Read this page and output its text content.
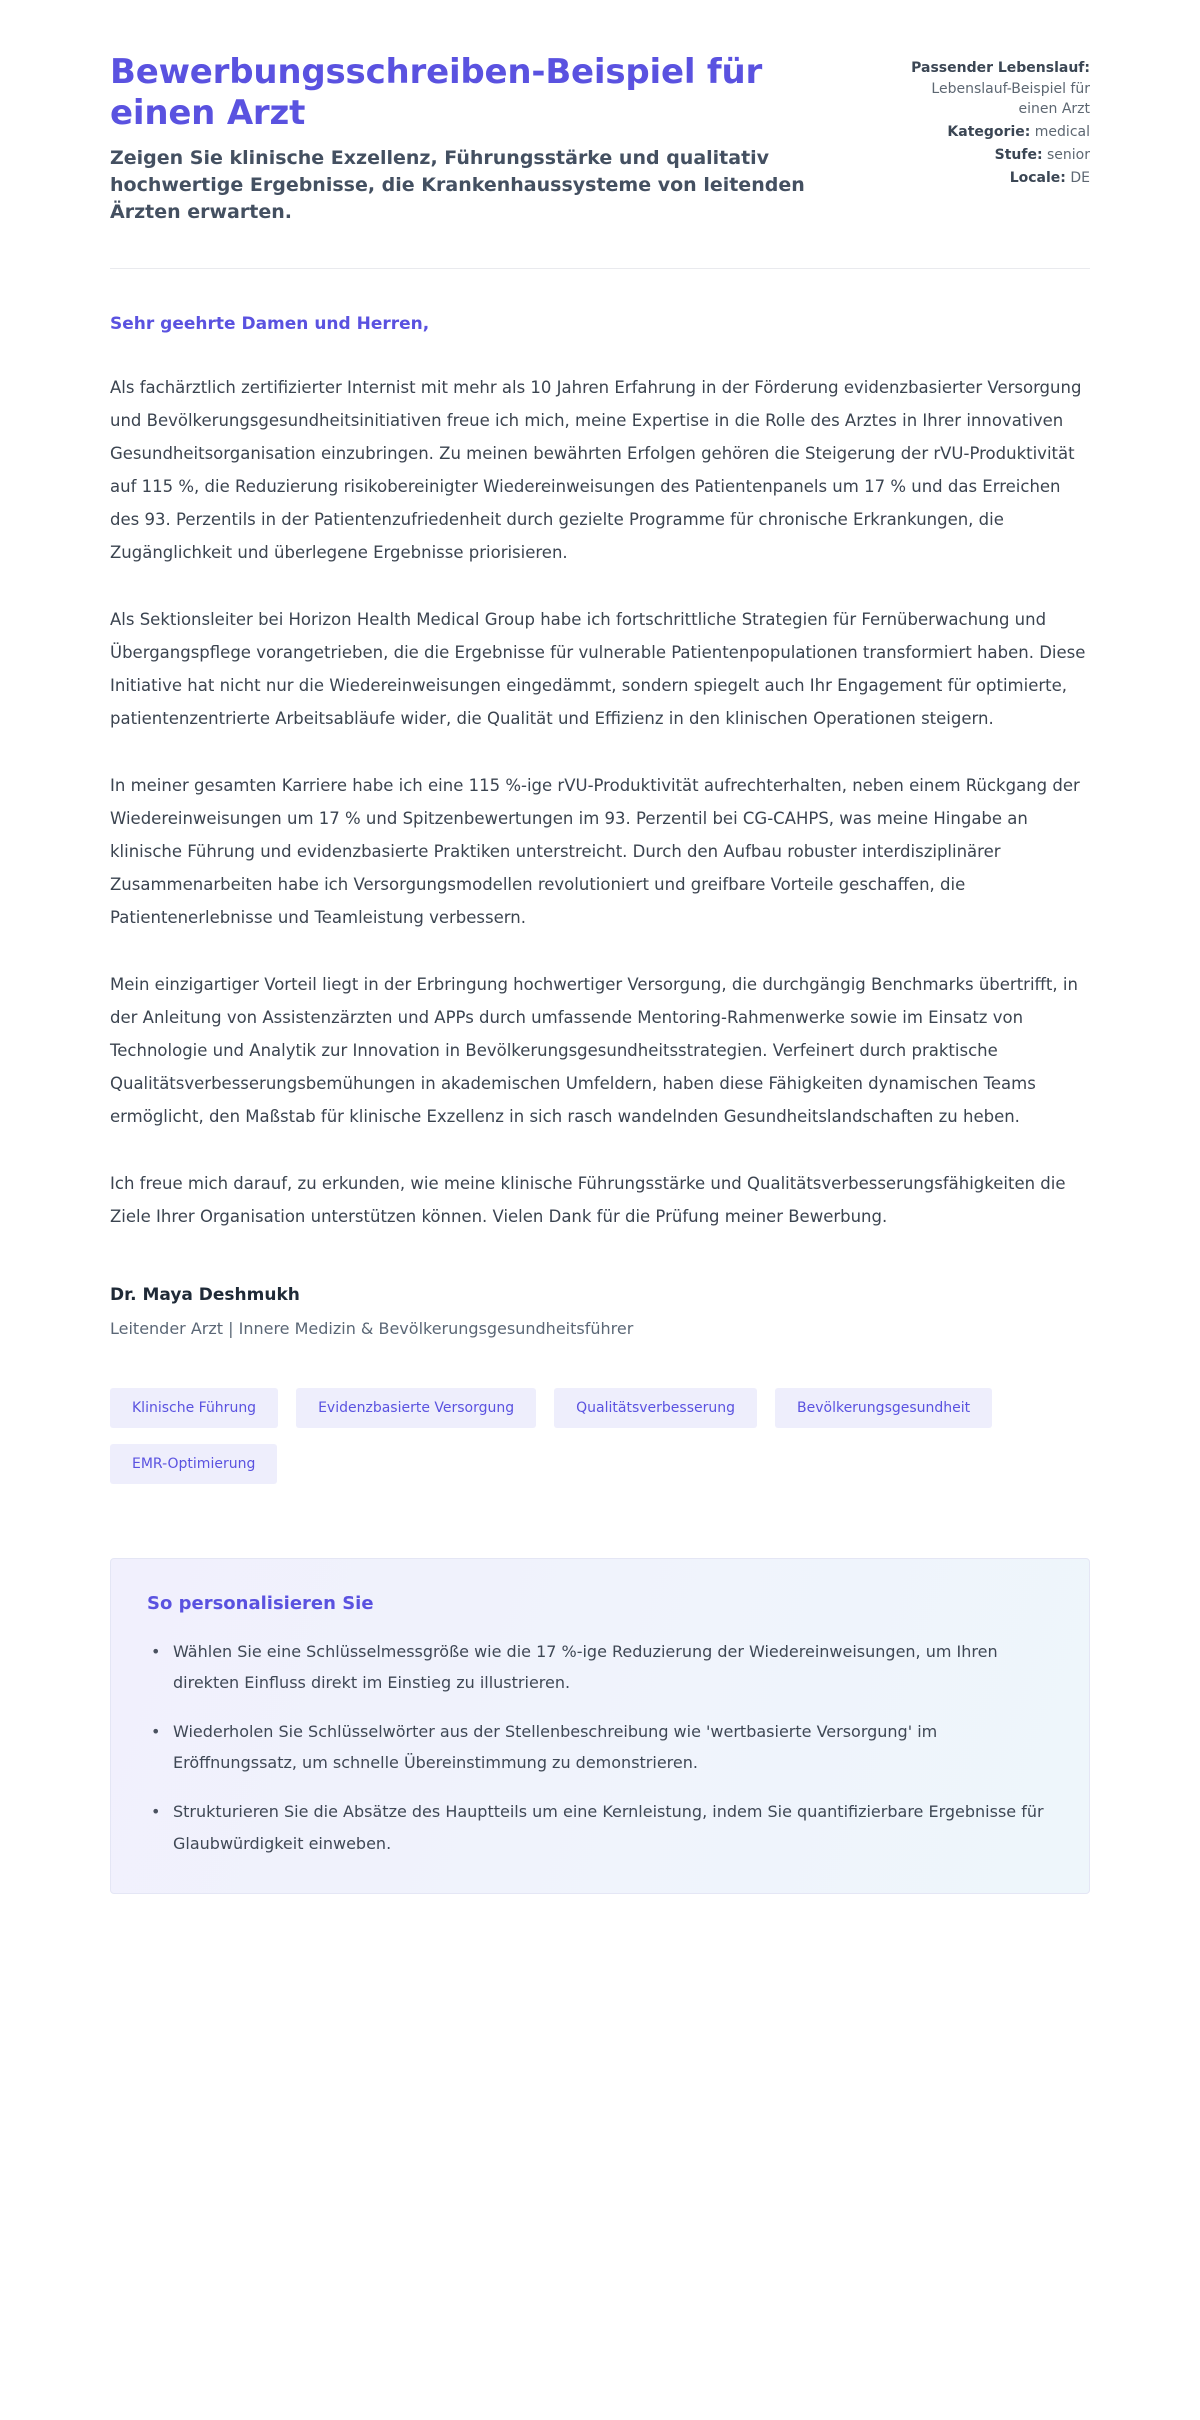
Bewerbungsschreiben-Beispiel für einen Arzt

Zeigen Sie klinische Exzellenz, Führungsstärke und qualitativ hochwertige Ergebnisse, die Krankenhaussysteme von leitenden Ärzten erwarten.

Passender Lebenslauf: Lebenslauf-Beispiel für einen Arzt
Kategorie: medical
Stufe: senior
Locale: DE

Sehr geehrte Damen und Herren,

Als fachärztlich zertifizierter Internist mit mehr als 10 Jahren Erfahrung in der Förderung evidenzbasierter Versorgung und Bevölkerungsgesundheitsinitiativen freue ich mich, meine Expertise in die Rolle des Arztes in Ihrer innovativen Gesundheitsorganisation einzubringen. Zu meinen bewährten Erfolgen gehören die Steigerung der rVU-Produktivität auf 115 %, die Reduzierung risikobereinigter Wiedereinweisungen des Patientenpanels um 17 % und das Erreichen des 93. Perzentils in der Patientenzufriedenheit durch gezielte Programme für chronische Erkrankungen, die Zugänglichkeit und überlegene Ergebnisse priorisieren.

Als Sektionsleiter bei Horizon Health Medical Group habe ich fortschrittliche Strategien für Fernüberwachung und Übergangspflege vorangetrieben, die die Ergebnisse für vulnerable Patientenpopulationen transformiert haben. Diese Initiative hat nicht nur die Wiedereinweisungen eingedämmt, sondern spiegelt auch Ihr Engagement für optimierte, patientenzentrierte Arbeitsabläufe wider, die Qualität und Effizienz in den klinischen Operationen steigern.

In meiner gesamten Karriere habe ich eine 115 %-ige rVU-Produktivität aufrechterhalten, neben einem Rückgang der Wiedereinweisungen um 17 % und Spitzenbewertungen im 93. Perzentil bei CG-CAHPS, was meine Hingabe an klinische Führung und evidenzbasierte Praktiken unterstreicht. Durch den Aufbau robuster interdisziplinärer Zusammenarbeiten habe ich Versorgungsmodellen revolutioniert und greifbare Vorteile geschaffen, die Patientenerlebnisse und Teamleistung verbessern.

Mein einzigartiger Vorteil liegt in der Erbringung hochwertiger Versorgung, die durchgängig Benchmarks übertrifft, in der Anleitung von Assistenzärzten und APPs durch umfassende Mentoring-Rahmenwerke sowie im Einsatz von Technologie und Analytik zur Innovation in Bevölkerungsgesundheitsstrategien. Verfeinert durch praktische Qualitätsverbesserungsbemühungen in akademischen Umfeldern, haben diese Fähigkeiten dynamischen Teams ermöglicht, den Maßstab für klinische Exzellenz in sich rasch wandelnden Gesundheitslandschaften zu heben.

Ich freue mich darauf, zu erkunden, wie meine klinische Führungsstärke und Qualitätsverbesserungsfähigkeiten die Ziele Ihrer Organisation unterstützen können. Vielen Dank für die Prüfung meiner Bewerbung.

Dr. Maya Deshmukh

Leitender Arzt | Innere Medizin & Bevölkerungsgesundheitsführer

Klinische Führung	Evidenzbasierte Versorgung	Qualitätsverbesserung	Bevölkerungsgesundheit
EMR-Optimierung
So personalisieren Sie
• Wählen Sie eine Schlüsselmessgröße wie die 17 %-ige Reduzierung der Wiedereinweisungen, um Ihren direkten Einfluss direkt im Einstieg zu illustrieren.
• Wiederholen Sie Schlüsselwörter aus der Stellenbeschreibung wie 'wertbasierte Versorgung' im Eröffnungssatz, um schnelle Übereinstimmung zu demonstrieren.
• Strukturieren Sie die Absätze des Hauptteils um eine Kernleistung, indem Sie quantifizierbare Ergebnisse für Glaubwürdigkeit einweben.
